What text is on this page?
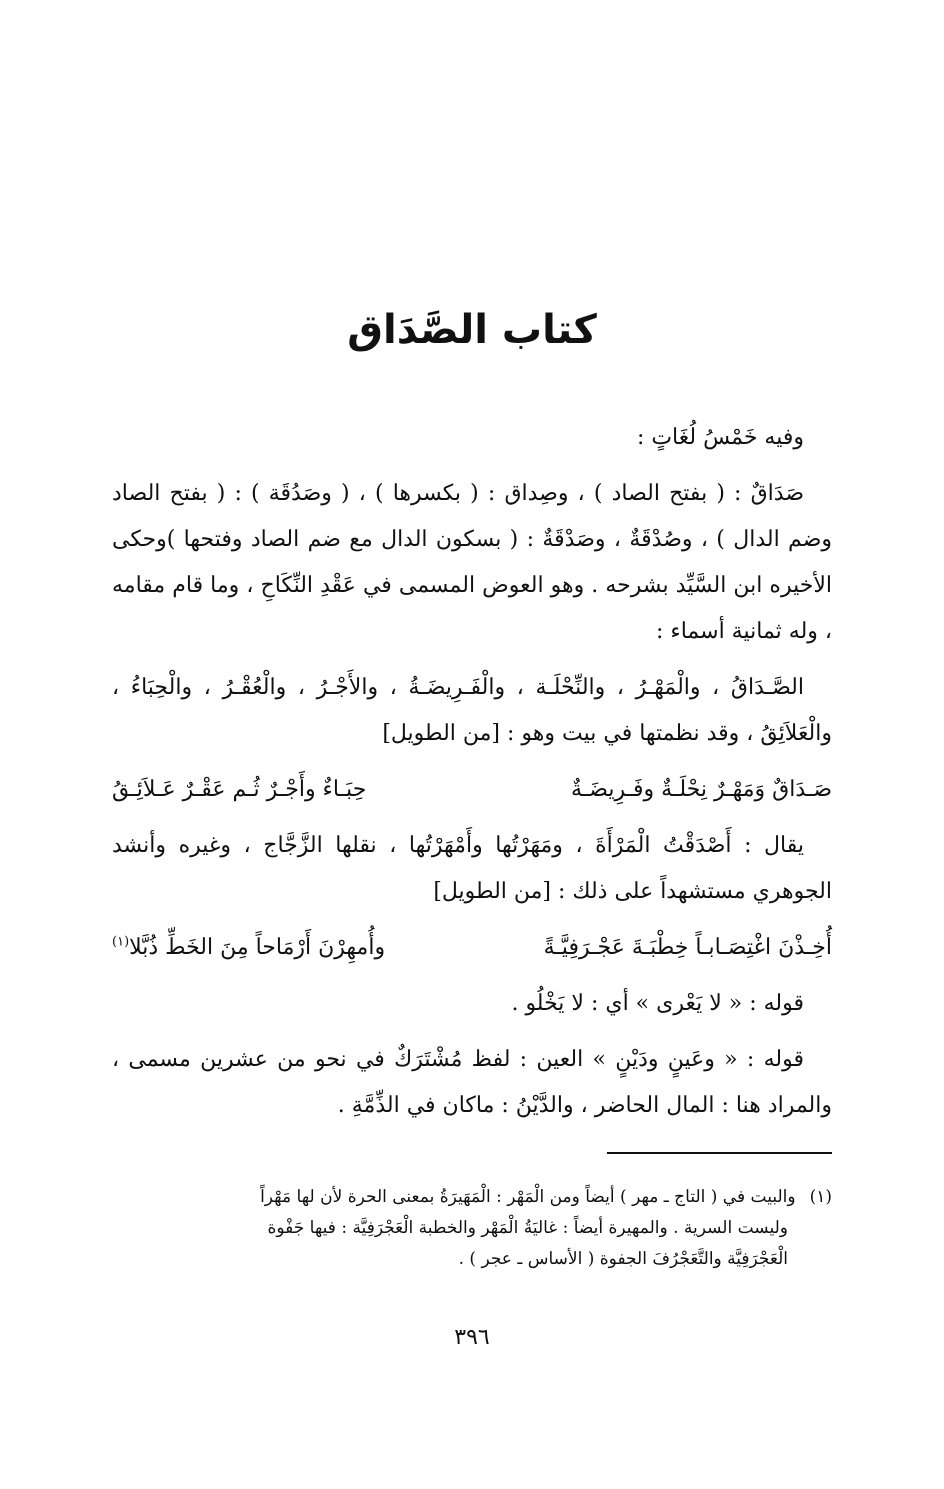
كتاب الصَّدَاق

وفيه خَمْسُ لُغَاتٍ :

صَدَاقٌ : ( بفتح الصاد ) ، وصِداق : ( بكسرها ) ، ( وصَدُقَة ) : ( بفتح الصاد وضم الدال ) ، وصُدْقَةٌ ، وصَدْقَةٌ : ( بسكون الدال مع ضم الصاد وفتحها )وحكى الأخيره ابن السَّيِّد بشرحه . وهو العوض المسمى في عَقْدِ النِّكَاحِ ، وما قام مقامه ، وله ثمانية أسماء :

الصَّـدَاقُ ، والْمَهْـرُ ، والنِّحْلَـة ، والْفَـرِيضَـةُ ، والأَجْـرُ ، والْعُقْـرُ ، والْحِبَاءُ ، والْعَلاَئِقُ ، وقد نظمتها في بيت وهو : [من الطويل]

صَـدَاقٌ وَمَهْـرٌ نِحْلَـةٌ وفَـرِيضَـةٌ
حِبَـاءٌ وأَجْـرٌ ثُـم عَقْـرٌ عَـلاَئِـقُ

يقال : أَصْدَقْتُ الْمَرْأَةَ ، ومَهَرْتُها وأَمْهَرْتُها ، نقلها الزَّجَّاج ، وغيره وأنشد الجوهري مستشهداً على ذلك : [من الطويل]

أُخِـذْنَ اغْتِصَـابـاً خِطْبَـةَ عَجْـرَفِيَّـةً
وأُمهِرْنَ أَرْمَاحاً مِنَ الخَطِّ ذُبَّلا$^{(١)}$

قوله : « لا يَعْرى » أي : لا يَخْلُو .

قوله : « وعَينٍ ودَيْنٍ » العين : لفظ مُشْتَرَكٌ في نحو من عشرين مسمى ، والمراد هنا : المال الحاضر ، والدَّيْنُ : ماكان في الذِّمَّةِ .

(١)والبيت في ( التاج ـ مهر ) أيضاً ومن الْمَهْر : الْمَهَيرَةُ بمعنى الحرة لأن لها مَهْراً

وليست السرية . والمهيرة أيضاً : غاليَةُ الْمَهْر والخطبة الْعَجْرَفِيَّة : فيها جَفْوة

الْعَجْرَفِيَّة والتَّعَجْرُفَ الجفوة ( الأساس ـ عجر ) .

٣٩٦
